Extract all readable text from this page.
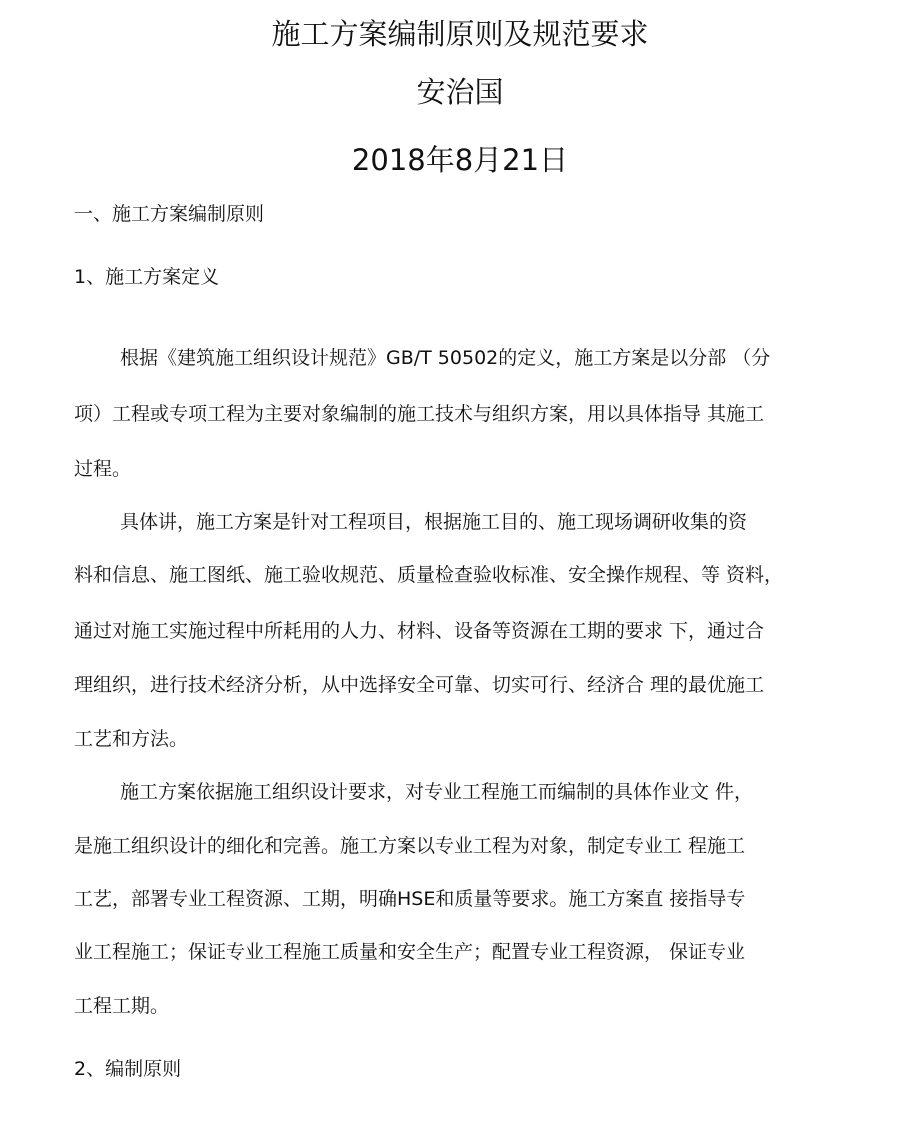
施工方案编制原则及规范要求
安治国
2018年8月21日
一、施工方案编制原则
1、施工方案定义
根据《建筑施工组织设计规范》GB/T 50502的定义，施工方案是以分部 （分
项）工程或专项工程为主要对象编制的施工技术与组织方案，用以具体指导 其施工
过程。
具体讲，施工方案是针对工程项目，根据施工目的、施工现场调研收集的资
料和信息、施工图纸、施工验收规范、质量检查验收标准、安全操作规程、等 资料，
通过对施工实施过程中所耗用的人力、材料、设备等资源在工期的要求 下，通过合
理组织，进行技术经济分析，从中选择安全可靠、切实可行、经济合 理的最优施工
工艺和方法。
施工方案依据施工组织设计要求，对专业工程施工而编制的具体作业文 件，
是施工组织设计的细化和完善。施工方案以专业工程为对象，制定专业工 程施工
工艺，部署专业工程资源、工期，明确HSE和质量等要求。施工方案直 接指导专
业工程施工；保证专业工程施工质量和安全生产；配置专业工程资源， 保证专业
工程工期。
2、编制原则
